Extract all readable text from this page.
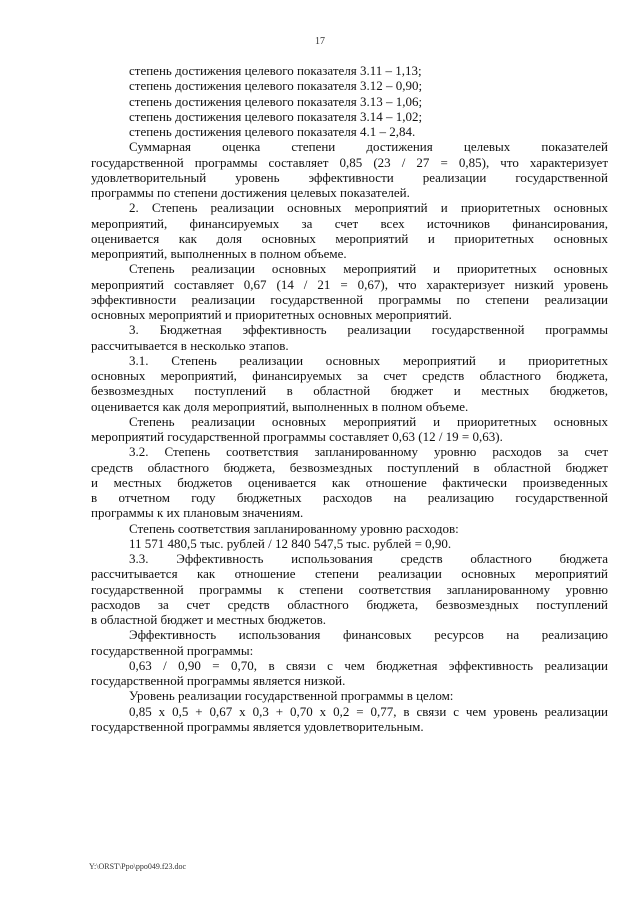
17
степень достижения целевого показателя 3.11 – 1,13;
степень достижения целевого показателя 3.12 – 0,90;
степень достижения целевого показателя 3.13 – 1,06;
степень достижения целевого показателя 3.14 – 1,02;
степень достижения целевого показателя 4.1 – 2,84.
Суммарная оценка степени достижения целевых показателей
государственной программы составляет 0,85 (23 / 27 = 0,85), что характеризует
удовлетворительный уровень эффективности реализации государственной
программы по степени достижения целевых показателей.
2. Степень реализации основных мероприятий и приоритетных основных
мероприятий, финансируемых за счет всех источников финансирования,
оценивается как доля основных мероприятий и приоритетных основных
мероприятий, выполненных в полном объеме.
Степень реализации основных мероприятий и приоритетных основных
мероприятий составляет 0,67 (14 / 21 = 0,67), что характеризует низкий уровень
эффективности реализации государственной программы по степени реализации
основных мероприятий и приоритетных основных мероприятий.
3. Бюджетная эффективность реализации государственной программы
рассчитывается в несколько этапов.
3.1. Степень реализации основных мероприятий и приоритетных
основных мероприятий, финансируемых за счет средств областного бюджета,
безвозмездных поступлений в областной бюджет и местных бюджетов,
оценивается как доля мероприятий, выполненных в полном объеме.
Степень реализации основных мероприятий и приоритетных основных
мероприятий государственной программы составляет 0,63 (12 / 19 = 0,63).
3.2. Степень соответствия запланированному уровню расходов за счет
средств областного бюджета, безвозмездных поступлений в областной бюджет
и местных бюджетов оценивается как отношение фактически произведенных
в отчетном году бюджетных расходов на реализацию государственной
программы к их плановым значениям.
Степень соответствия запланированному уровню расходов:
11 571 480,5 тыс. рублей / 12 840 547,5 тыс. рублей = 0,90.
3.3. Эффективность использования средств областного бюджета
рассчитывается как отношение степени реализации основных мероприятий
государственной программы к степени соответствия запланированному уровню
расходов за счет средств областного бюджета, безвозмездных поступлений
в областной бюджет и местных бюджетов.
Эффективность использования финансовых ресурсов на реализацию
государственной программы:
0,63 / 0,90 = 0,70, в связи с чем бюджетная эффективность реализации
государственной программы является низкой.
Уровень реализации государственной программы в целом:
0,85 x 0,5 + 0,67 x 0,3 + 0,70 x 0,2 = 0,77, в связи с чем уровень реализации
государственной программы является удовлетворительным.
Y:\ORST\Ppo\ppo049.f23.doc
